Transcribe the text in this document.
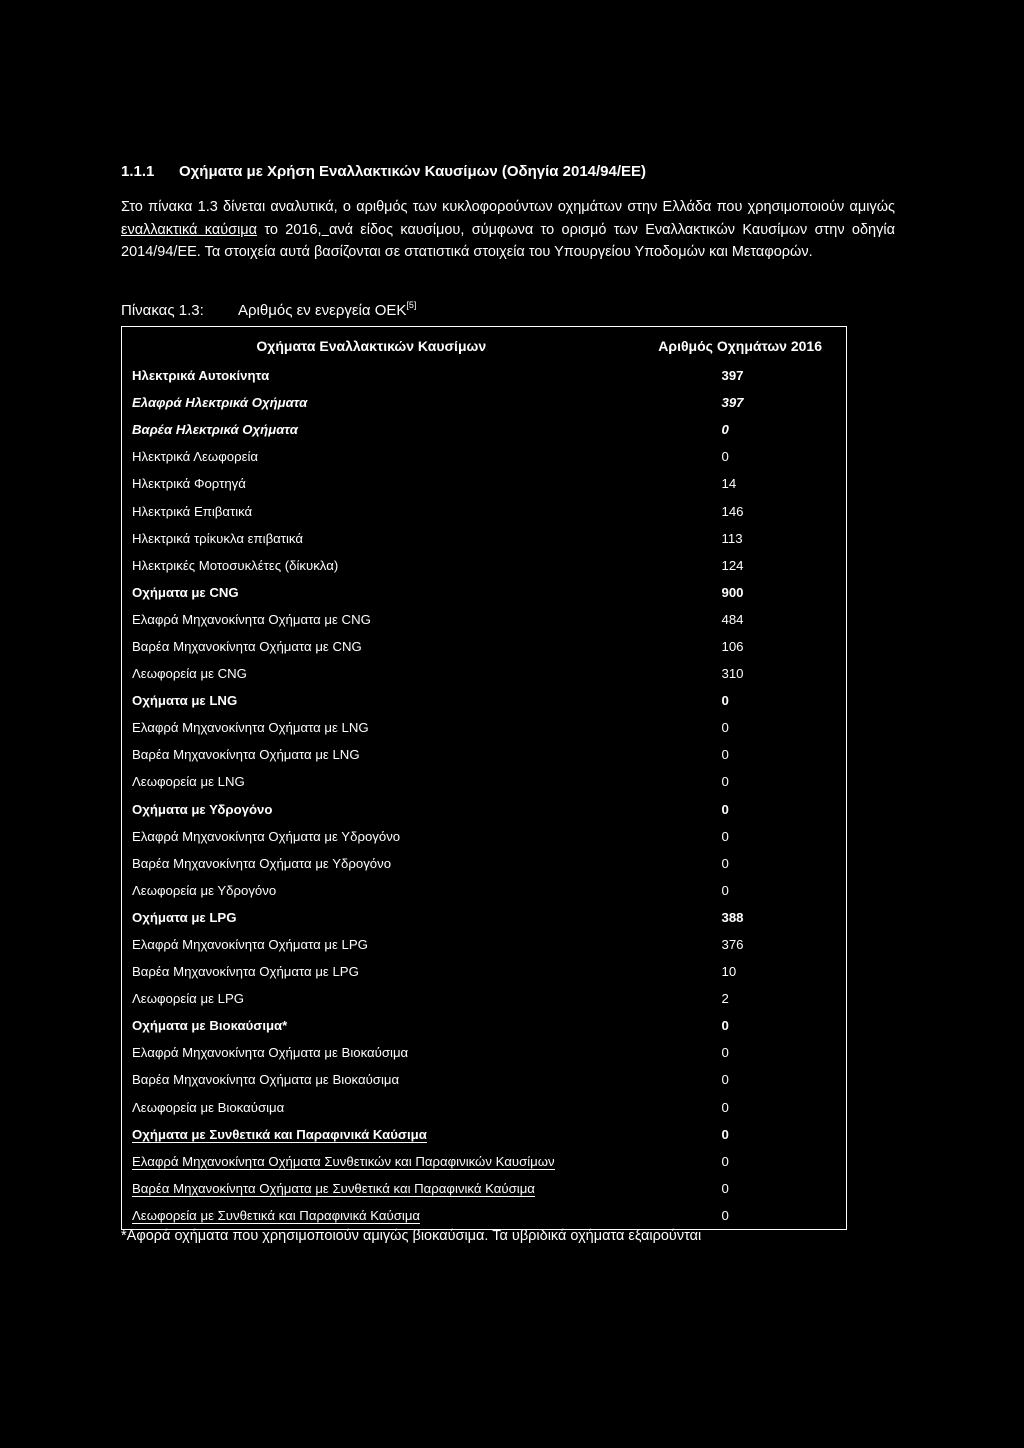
1.1.1 Οχήματα με Χρήση Εναλλακτικών Καυσίμων (Οδηγία 2014/94/ΕΕ)
Στο πίνακα 1.3 δίνεται αναλυτικά, ο αριθμός των κυκλοφορούντων οχημάτων στην Ελλάδα που χρησιμοποιούν αμιγώς εναλλακτικά καύσιμα το 2016, ανά είδος καυσίμου, σύμφωνα το ορισμό των Εναλλακτικών Καυσίμων στην οδηγία 2014/94/ΕΕ. Τα στοιχεία αυτά βασίζονται σε στατιστικά στοιχεία του Υπουργείου Υποδομών και Μεταφορών.
Πίνακας 1.3: Αριθμός εν ενεργεία ΟΕΚ[5]
Οχήματα Εναλλακτικών Καυσίμων	Αριθμός Οχημάτων 2016
Ηλεκτρικά Αυτοκίνητα	397
Ελαφρά Ηλεκτρικά Οχήματα	397
Βαρέα Ηλεκτρικά Οχήματα	0
Ηλεκτρικά Λεωφορεία	0
Ηλεκτρικά Φορτηγά	14
Ηλεκτρικά Επιβατικά	146
Ηλεκτρικά τρίκυκλα επιβατικά	113
Ηλεκτρικές Μοτοσυκλέτες (δίκυκλα)	124
Οχήματα με CNG	900
Ελαφρά Μηχανοκίνητα Οχήματα με CNG	484
Βαρέα Μηχανοκίνητα Οχήματα με CNG	106
Λεωφορεία με CNG	310
Οχήματα με LNG	0
Ελαφρά Μηχανοκίνητα Οχήματα με LNG	0
Βαρέα Μηχανοκίνητα Οχήματα με LNG	0
Λεωφορεία με LNG	0
Οχήματα με Υδρογόνο	0
Ελαφρά Μηχανοκίνητα Οχήματα με Υδρογόνο	0
Βαρέα Μηχανοκίνητα Οχήματα με Υδρογόνο	0
Λεωφορεία με Υδρογόνο	0
Οχήματα με LPG	388
Ελαφρά Μηχανοκίνητα Οχήματα με LPG	376
Βαρέα Μηχανοκίνητα Οχήματα με LPG	10
Λεωφορεία με LPG	2
Οχήματα με Βιοκαύσιμα*	0
Ελαφρά Μηχανοκίνητα Οχήματα με Βιοκαύσιμα	0
Βαρέα Μηχανοκίνητα Οχήματα με Βιοκαύσιμα	0
Λεωφορεία με Βιοκαύσιμα	0
Οχήματα με Συνθετικά και Παραφινικά Καύσιμα	0
Ελαφρά Μηχανοκίνητα Οχήματα Συνθετικών και Παραφινικών Καυσίμων	0
Βαρέα Μηχανοκίνητα Οχήματα με Συνθετικά και Παραφινικά Καύσιμα	0
Λεωφορεία με Συνθετικά και Παραφινικά Καύσιμα	0
*Αφορά οχήματα που χρησιμοποιούν αμιγώς βιοκαύσιμα. Τα υβριδικά οχήματα εξαιρούνται
